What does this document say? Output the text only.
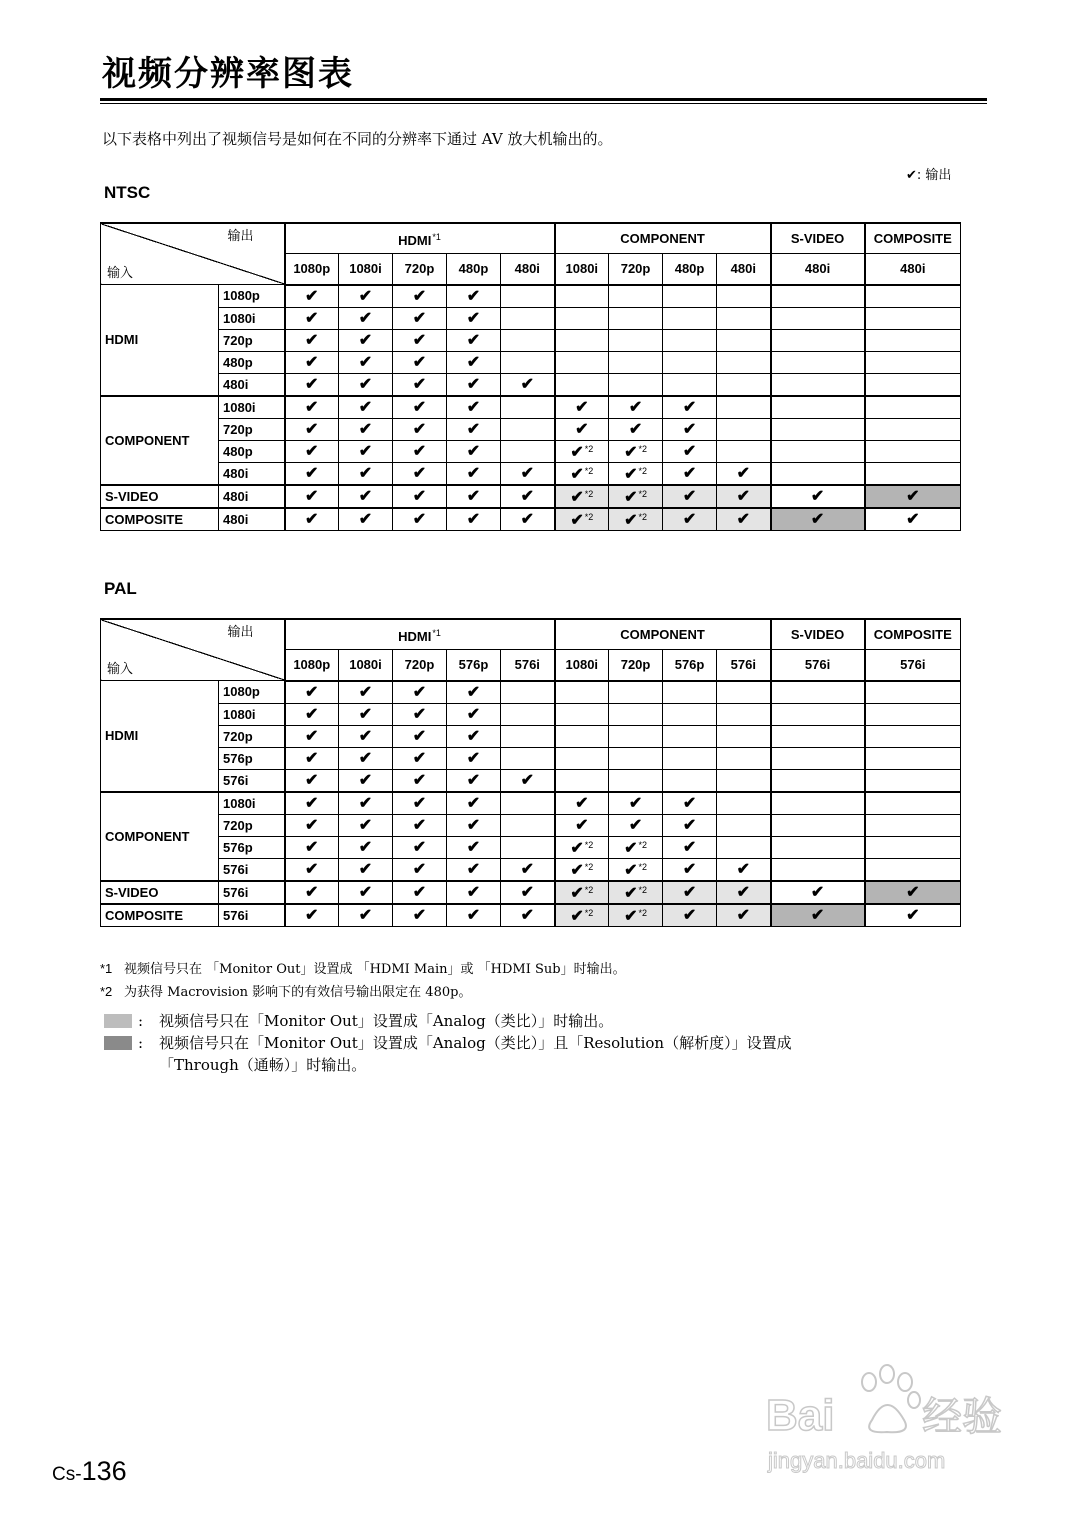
视频分辨率图表
以下表格中列出了视频信号是如何在不同的分辨率下通过 AV 放大机输出的。
✔: 输出
NTSC
输出
输入		HDMI$^{*1}$					COMPONENT				S-VIDEO	COMPOSITE
		1080p	1080i	720p	480p	480i	1080i	720p	480p	480i	480i	480i
HDMI	1080p	✔	✔	✔	✔							
	1080i	✔	✔	✔	✔							
	720p	✔	✔	✔	✔							
	480p	✔	✔	✔	✔							
	480i	✔	✔	✔	✔	✔						
COMPONENT	1080i	✔	✔	✔	✔		✔	✔	✔			
	720p	✔	✔	✔	✔		✔	✔	✔			
	480p	✔	✔	✔	✔		✔$^{*2}$	✔$^{*2}$	✔			
	480i	✔	✔	✔	✔	✔	✔$^{*2}$	✔$^{*2}$	✔	✔		
S-VIDEO	480i	✔	✔	✔	✔	✔	✔$^{*2}$	✔$^{*2}$	✔	✔	✔	✔
COMPOSITE	480i	✔	✔	✔	✔	✔	✔$^{*2}$	✔$^{*2}$	✔	✔	✔	✔
PAL
输出
输入		HDMI$^{*1}$					COMPONENT				S-VIDEO	COMPOSITE
		1080p	1080i	720p	576p	576i	1080i	720p	576p	576i	576i	576i
HDMI	1080p	✔	✔	✔	✔							
	1080i	✔	✔	✔	✔							
	720p	✔	✔	✔	✔							
	576p	✔	✔	✔	✔							
	576i	✔	✔	✔	✔	✔						
COMPONENT	1080i	✔	✔	✔	✔		✔	✔	✔			
	720p	✔	✔	✔	✔		✔	✔	✔			
	576p	✔	✔	✔	✔		✔$^{*2}$	✔$^{*2}$	✔			
	576i	✔	✔	✔	✔	✔	✔$^{*2}$	✔$^{*2}$	✔	✔		
S-VIDEO	576i	✔	✔	✔	✔	✔	✔$^{*2}$	✔$^{*2}$	✔	✔	✔	✔
COMPOSITE	576i	✔	✔	✔	✔	✔	✔$^{*2}$	✔$^{*2}$	✔	✔	✔	✔
*1 视频信号只在 「Monitor Out」设置成 「HDMI Main」或 「HDMI Sub」时输出。
*2 为获得 Macrovision 影响下的有效信号输出限定在 480p。
: 视频信号只在「Monitor Out」设置成「Analog（类比）」时输出。
: 视频信号只在「Monitor Out」设置成「Analog（类比）」且「Resolution（解析度）」设置成
「Through（通畅）」时输出。
Cs-136
Bai 经验
jingyan.baidu.com
